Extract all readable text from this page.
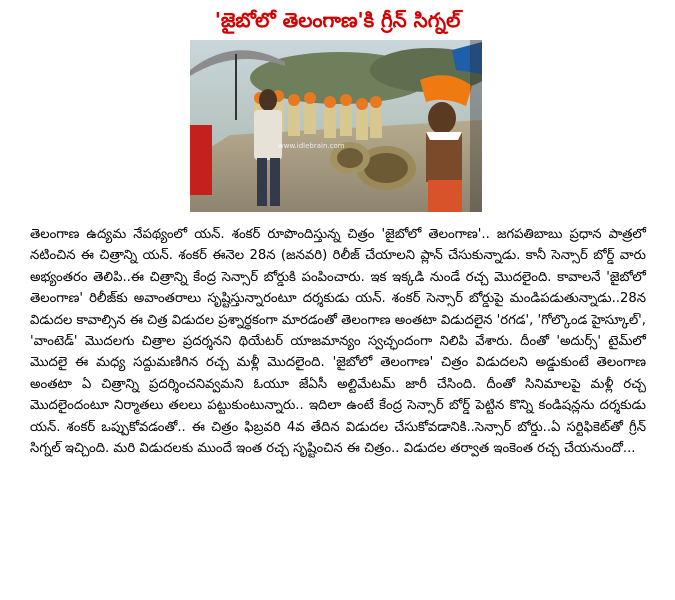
'జైబోలో తెలంగాణ'కి గ్రీన్ సిగ్నల్
www.idlebrain.com

తెలంగాణ ఉద్యమ నేపథ్యంలో యన్. శంకర్ రూపొందిస్తున్న చిత్రం 'జైబోలో తెలంగాణ'.. జగపతిబాబు ప్రధాన పాత్రలో నటించిన ఈ చిత్రాన్ని యన్. శంకర్ ఈనెల 28న (జనవరి) రిలీజ్ చేయాలని ప్లాన్ చేసుకున్నాడు. కానీ సెన్సార్ బోర్డ్ వారు అభ్యంతరం తెలిపి..ఈ చిత్రాన్ని కేంద్ర సెన్సార్ బోర్డుకి పంపించారు. ఇక ఇక్కడి నుండే రచ్చ మొదలైంది. కావాలనే 'జైబోలో తెలంగాణ' రిలీజ్‌కు అవాంతరాలు సృష్టిస్తున్నారంటూ దర్శకుడు యన్. శంకర్ సెన్సార్ బోర్డుపై మండిపడుతున్నాడు..28న విడుదల కావాల్సిన ఈ చిత్ర విడుదల ప్రశ్నార్థకంగా మారడంతో తెలంగాణ అంతటా విడుదలైన 'రగడ', 'గోల్కొండ హైస్కూల్', 'వాంటెడ్' మొదలగు చిత్రాల ప్రదర్శనని థియేటర్ యాజమాన్యం స్వచ్ఛందంగా నిలిపి వేశారు. దీంతో 'అదుర్స్' టైమ్‌లో మొదలై ఈ మధ్య సద్దుమణిగిన రచ్చ మళ్లీ మొదలైంది. 'జైబోలో తెలంగాణ' చిత్రం విడుదలని అడ్డుకుంటే తెలంగాణ అంతటా ఏ చిత్రాన్ని ప్రదర్శించనివ్వమని ఓయూ జేఏసీ అల్టిమేటమ్ జారీ చేసింది. దీంతో సినిమాలపై మళ్లీ రచ్చ మొదలైందంటూ నిర్మాతలు తలలు పట్టుకుంటున్నారు.. ఇదిలా ఉంటే కేంద్ర సెన్సార్ బోర్డ్ పెట్టిన కొన్ని కండిషన్లను దర్శకుడు యన్. శంకర్ ఒప్పుకోవడంతో.. ఈ చిత్రం ఫిబ్రవరి 4వ తేదిన విడుదల చేసుకోవడానికి..సెన్సార్ బోర్డు..ఏ సర్టిఫికెట్‌తో గ్రీన్ సిగ్నల్ ఇచ్చింది. మరి విడుదలకు ముందే ఇంత రచ్చ సృష్టించిన ఈ చిత్రం.. విడుదల తర్వాత ఇంకెంత రచ్చ చేయనుందో...
